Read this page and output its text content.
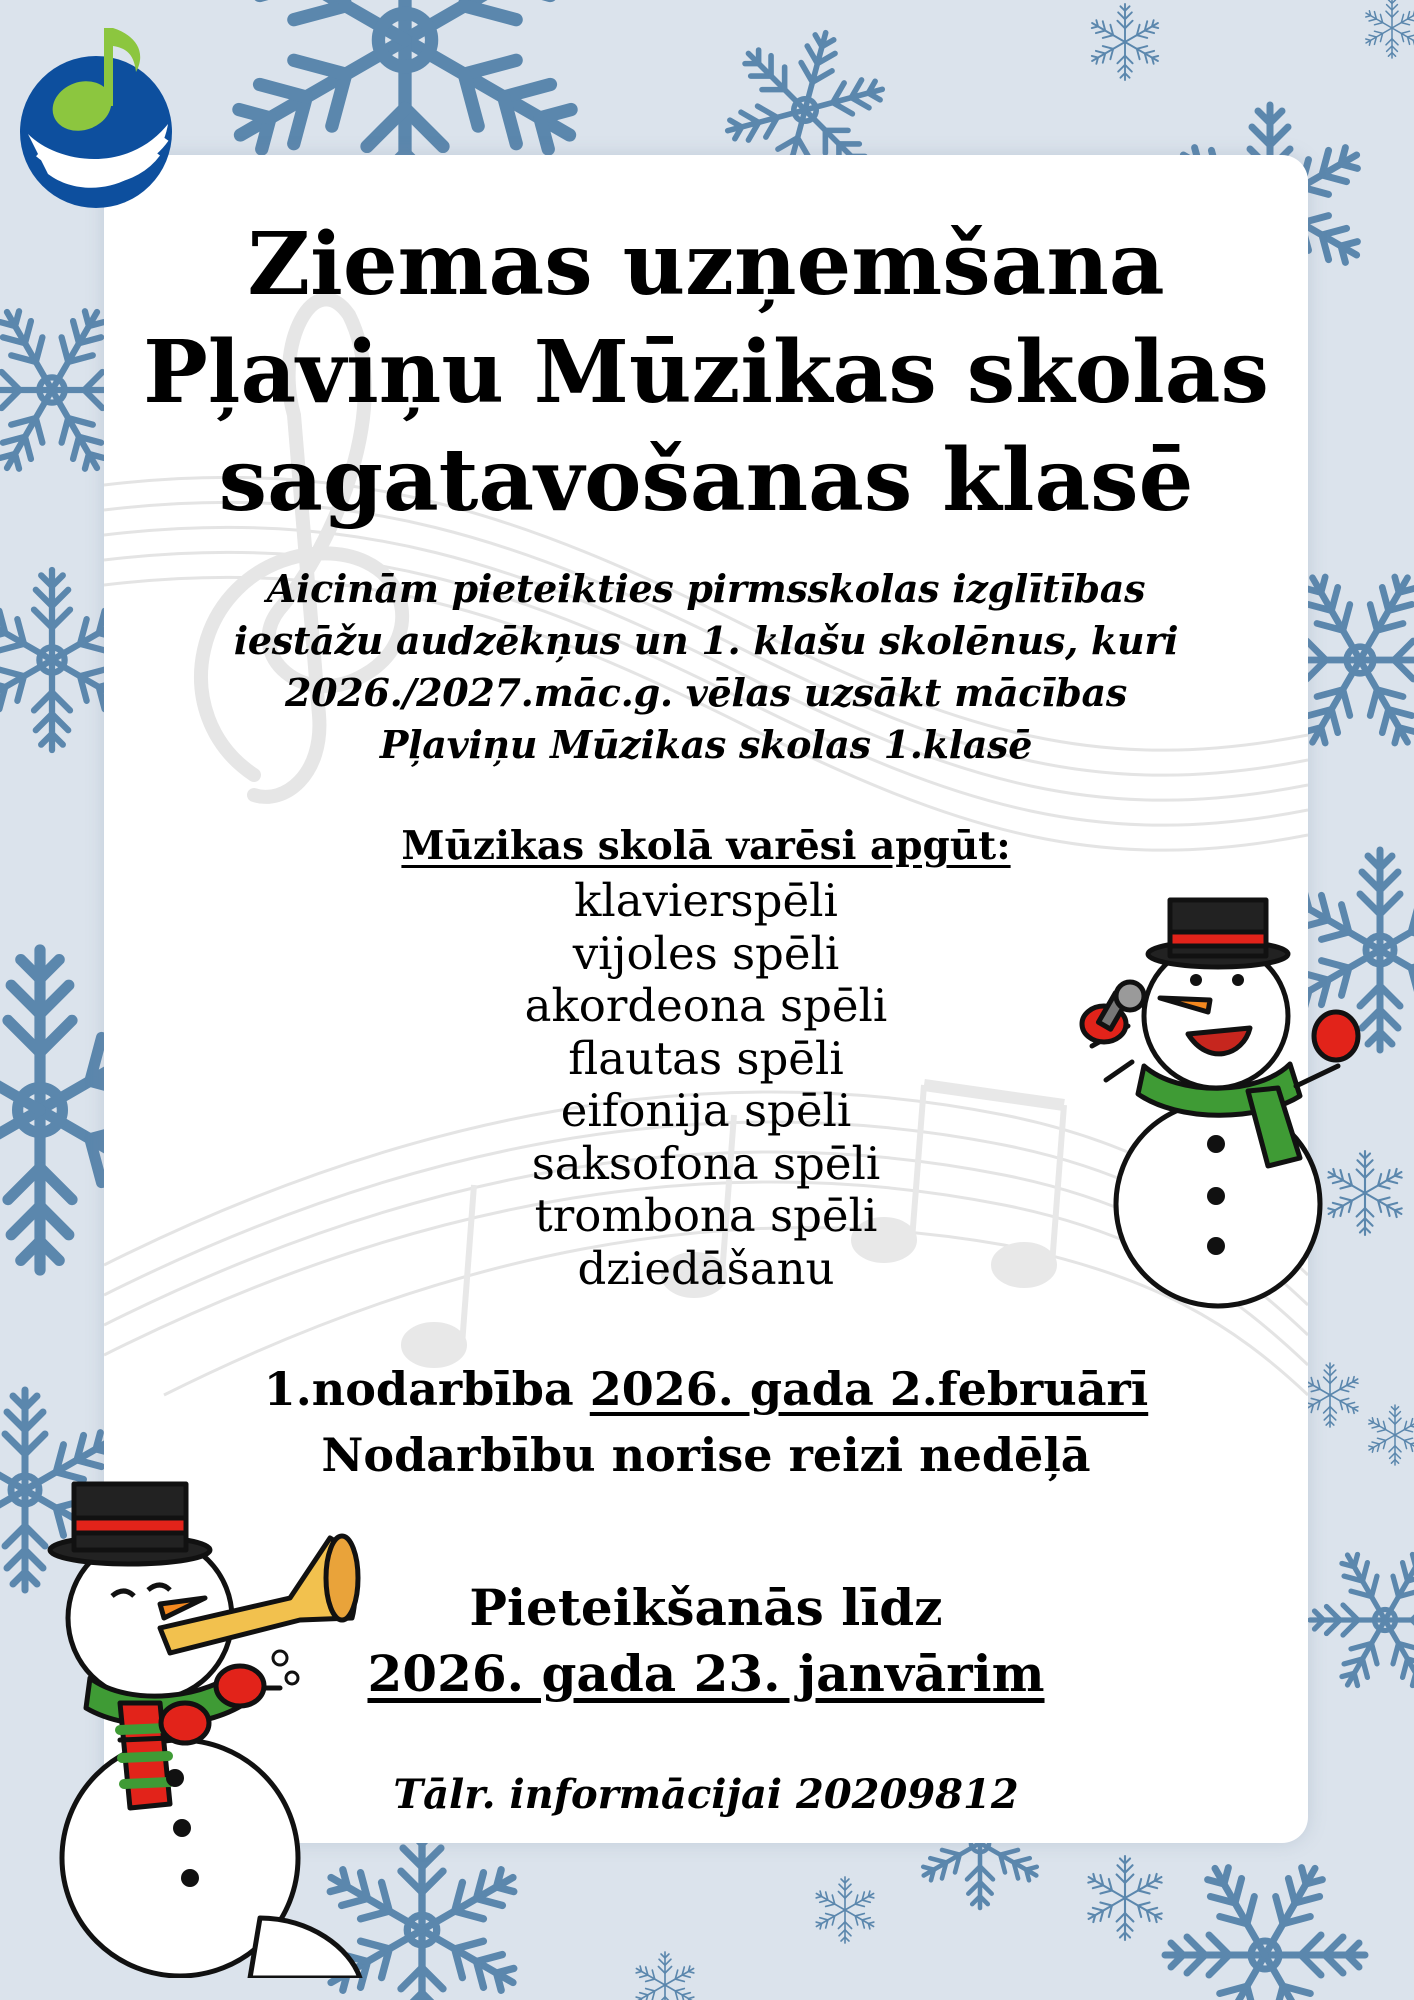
Ziemas uzņemšana
Pļaviņu Mūzikas skolas
sagatavošanas klasē

Aicinām pieteikties pirmsskolas izglītības
iestāžu audzēkņus un 1. klašu skolēnus, kuri
2026./2027.māc.g. vēlas uzsākt mācības
Pļaviņu Mūzikas skolas 1.klasē

Mūzikas skolā varēsi apgūt:

klavierspēli
vijoles spēli
akordeona spēli
flautas spēli
eifonija spēli
saksofona spēli
trombona spēli
dziedāšanu

1.nodarbība 2026. gada 2.februārī

Nodarbību norise reizi nedēļā

Pieteikšanās līdz

2026. gada 23. janvārim

Tālr. informācijai 20209812
